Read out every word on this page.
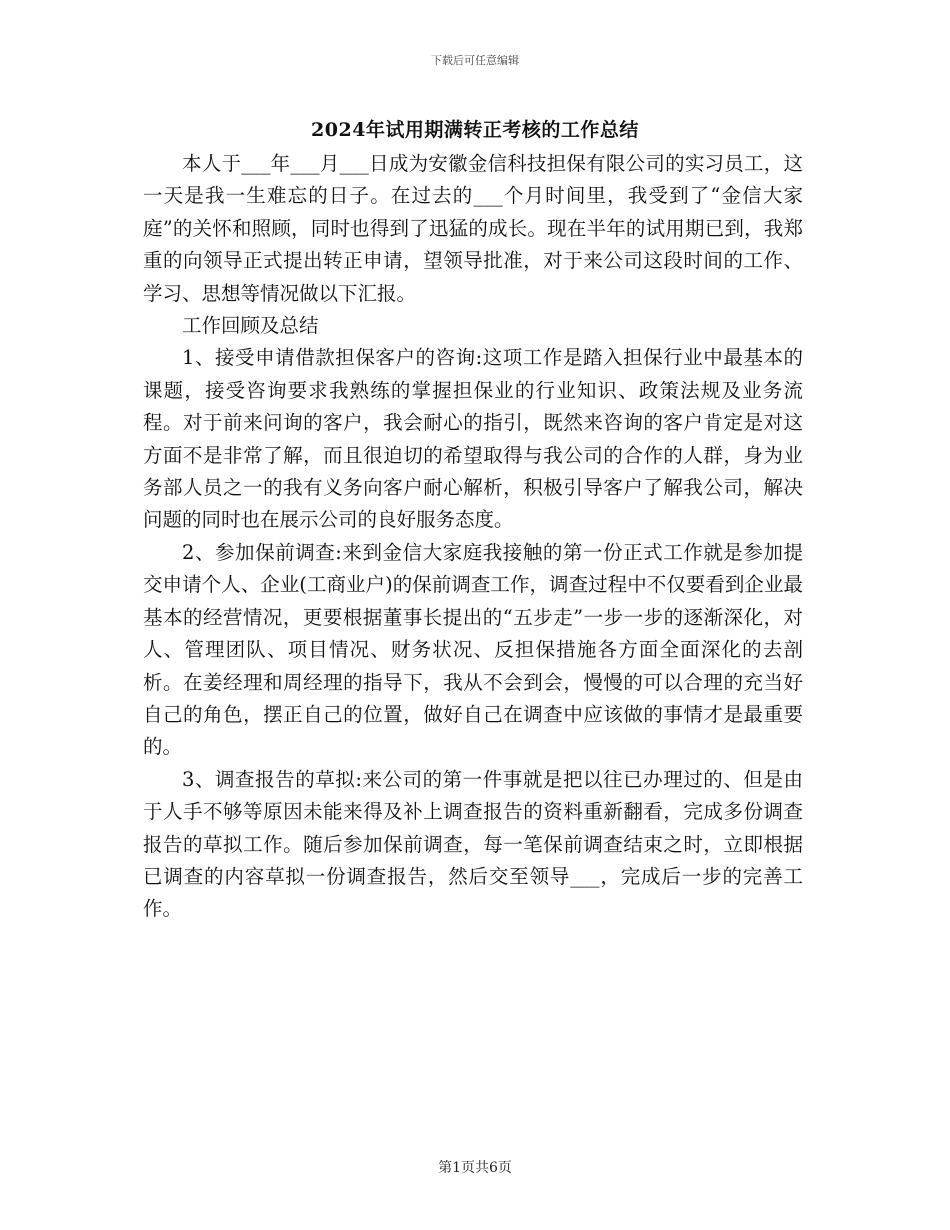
下载后可任意编辑
2024年试用期满转正考核的工作总结

本人于___年___月___日成为安徽金信科技担保有限公司的实习员工，这一天是我一生难忘的日子。在过去的___个月时间里，我受到了“金信大家庭”的关怀和照顾，同时也得到了迅猛的成长。现在半年的试用期已到，我郑重的向领导正式提出转正申请，望领导批准，对于来公司这段时间的工作、学习、思想等情况做以下汇报。

工作回顾及总结

1、接受申请借款担保客户的咨询:这项工作是踏入担保行业中最基本的课题，接受咨询要求我熟练的掌握担保业的行业知识、政策法规及业务流程。对于前来问询的客户，我会耐心的指引，既然来咨询的客户肯定是对这方面不是非常了解，而且很迫切的希望取得与我公司的合作的人群，身为业务部人员之一的我有义务向客户耐心解析，积极引导客户了解我公司，解决问题的同时也在展示公司的良好服务态度。

2、参加保前调查:来到金信大家庭我接触的第一份正式工作就是参加提交申请个人、企业(工商业户)的保前调查工作，调查过程中不仅要看到企业最基本的经营情况，更要根据董事长提出的“五步走”一步一步的逐渐深化，对人、管理团队、项目情况、财务状况、反担保措施各方面全面深化的去剖析。在姜经理和周经理的指导下，我从不会到会，慢慢的可以合理的充当好自己的角色，摆正自己的位置，做好自己在调查中应该做的事情才是最重要的。

3、调查报告的草拟:来公司的第一件事就是把以往已办理过的、但是由于人手不够等原因未能来得及补上调查报告的资料重新翻看，完成多份调查报告的草拟工作。随后参加保前调查，每一笔保前调查结束之时，立即根据已调查的内容草拟一份调查报告，然后交至领导___，完成后一步的完善工作。

第1页共6页
